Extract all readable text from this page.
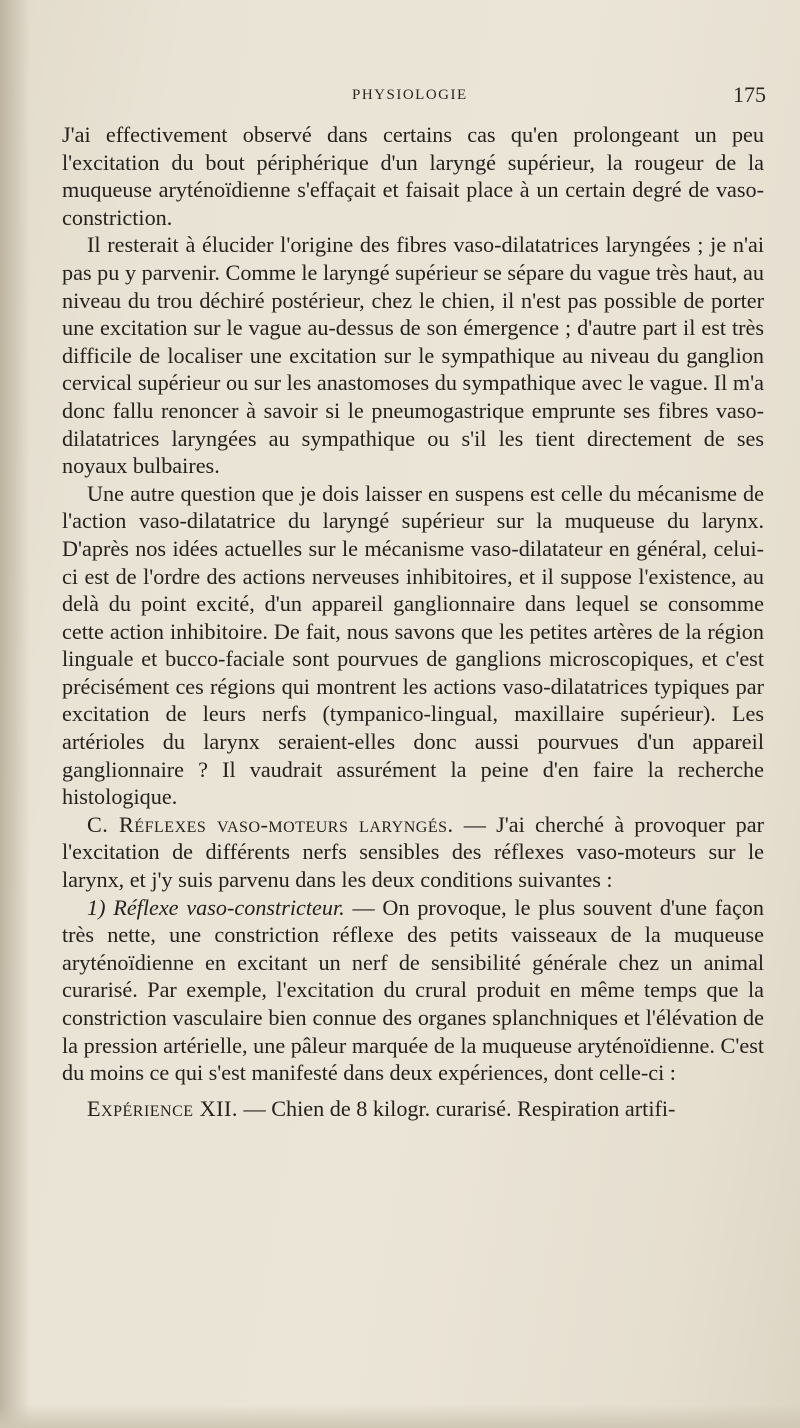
PHYSIOLOGIE	175

J'ai effectivement observé dans certains cas qu'en prolongeant un peu l'excitation du bout périphérique d'un laryngé supérieur, la rougeur de la muqueuse aryténoïdienne s'effaçait et faisait place à un certain degré de vaso-constriction.

Il resterait à élucider l'origine des fibres vaso-dilatatrices laryngées ; je n'ai pas pu y parvenir. Comme le laryngé supérieur se sépare du vague très haut, au niveau du trou déchiré postérieur, chez le chien, il n'est pas possible de porter une excitation sur le vague au-dessus de son émergence ; d'autre part il est très difficile de localiser une excitation sur le sympathique au niveau du ganglion cervical supérieur ou sur les anastomoses du sympathique avec le vague. Il m'a donc fallu renoncer à savoir si le pneumogastrique emprunte ses fibres vaso-dilatatrices laryngées au sympathique ou s'il les tient directement de ses noyaux bulbaires.

Une autre question que je dois laisser en suspens est celle du mécanisme de l'action vaso-dilatatrice du laryngé supérieur sur la muqueuse du larynx. D'après nos idées actuelles sur le mécanisme vaso-dilatateur en général, celui-ci est de l'ordre des actions nerveuses inhibitoires, et il suppose l'existence, au delà du point excité, d'un appareil ganglionnaire dans lequel se consomme cette action inhibitoire. De fait, nous savons que les petites artères de la région linguale et bucco-faciale sont pourvues de ganglions microscopiques, et c'est précisément ces régions qui montrent les actions vaso-dilatatrices typiques par excitation de leurs nerfs (tympanico-lingual, maxillaire supérieur). Les artérioles du larynx seraient-elles donc aussi pourvues d'un appareil ganglionnaire ? Il vaudrait assurément la peine d'en faire la recherche histologique.

C. Réflexes vaso-moteurs laryngés. — J'ai cherché à provoquer par l'excitation de différents nerfs sensibles des réflexes vaso-moteurs sur le larynx, et j'y suis parvenu dans les deux conditions suivantes :

1) Réflexe vaso-constricteur. — On provoque, le plus souvent d'une façon très nette, une constriction réflexe des petits vaisseaux de la muqueuse aryténoïdienne en excitant un nerf de sensibilité générale chez un animal curarisé. Par exemple, l'excitation du crural produit en même temps que la constriction vasculaire bien connue des organes splanchniques et l'élévation de la pression artérielle, une pâleur marquée de la muqueuse aryténoïdienne. C'est du moins ce qui s'est manifesté dans deux expériences, dont celle-ci :

Expérience XII. — Chien de 8 kilogr. curarisé. Respiration artifi-
